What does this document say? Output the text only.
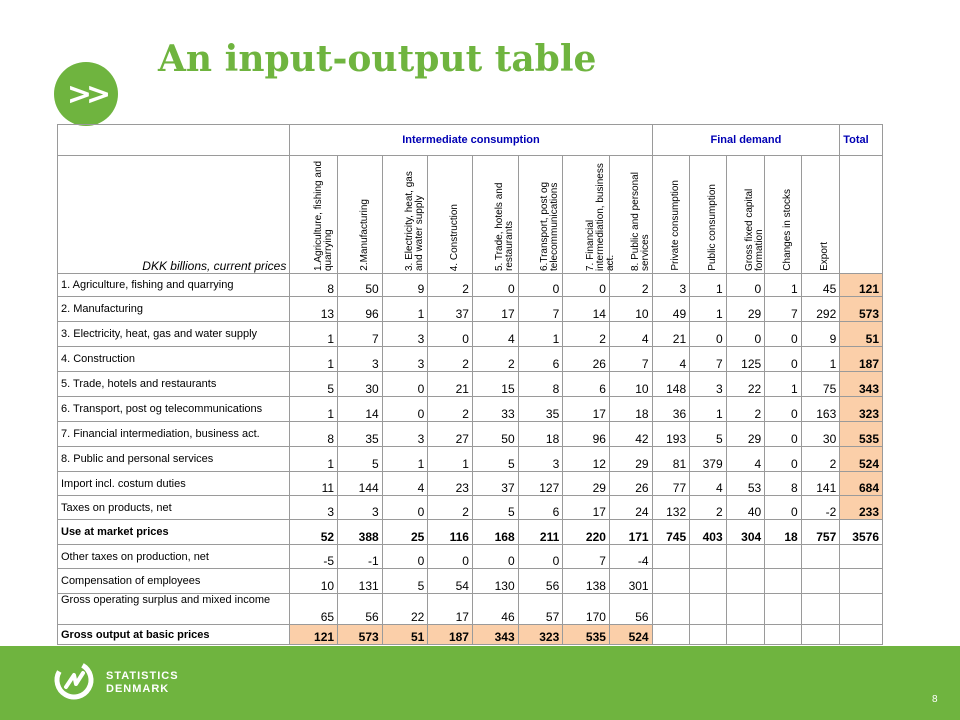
>>
An input-output table
	Intermediate consumption								Final demand					Total
DKK billions, current prices	1.Agriculture, fishing and quarrying	2.Manufacturing	3. Electricity, heat, gas and water supply	4. Construction	5. Trade, hotels and restaurants	6.Transport, post og telecommunications	7. Financial intermediation, business act.	8. Public and personal services	Private consumption	Public consumption	Gross fixed capital formation	Changes in stocks	Export	

1. Agriculture, fishing and quarrying	8	50	9	2	0	0	0	2	3	1	0	1	45	121
2. Manufacturing	13	96	1	37	17	7	14	10	49	1	29	7	292	573
3. Electricity, heat, gas and water supply	1	7	3	0	4	1	2	4	21	0	0	0	9	51
4. Construction	1	3	3	2	2	6	26	7	4	7	125	0	1	187
5. Trade, hotels and restaurants	5	30	0	21	15	8	6	10	148	3	22	1	75	343
6. Transport, post og telecommunications	1	14	0	2	33	35	17	18	36	1	2	0	163	323
7. Financial intermediation, business act.	8	35	3	27	50	18	96	42	193	5	29	0	30	535
8. Public and personal services	1	5	1	1	5	3	12	29	81	379	4	0	2	524
Import incl. costum duties	11	144	4	23	37	127	29	26	77	4	53	8	141	684
Taxes on products, net	3	3	0	2	5	6	17	24	132	2	40	0	-2	233
Use at market prices	52	388	25	116	168	211	220	171	745	403	304	18	757	3576
Other taxes on production, net	-5	-1	0	0	0	0	7	-4						
Compensation of employees	10	131	5	54	130	56	138	301						
Gross operating surplus and mixed income	65	56	22	17	46	57	170	56						
Gross output at basic prices	121	573	51	187	343	323	535	524						
STATISTICS
DENMARK
8
